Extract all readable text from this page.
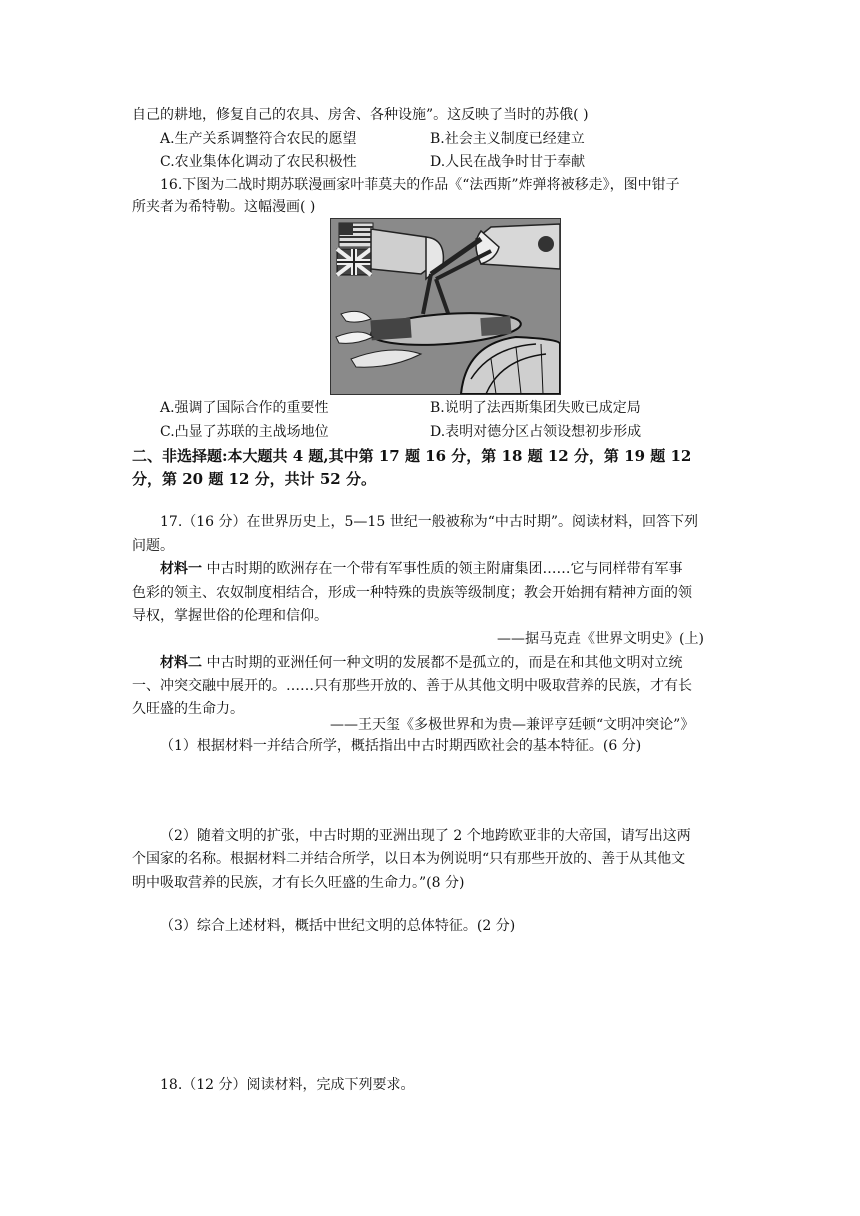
自己的耕地，修复自己的农具、房舍、各种设施”。这反映了当时的苏俄( )
A.生产关系调整符合农民的愿望	B.社会主义制度已经建立
C.农业集体化调动了农民积极性	D.人民在战争时甘于奉献
16.下图为二战时期苏联漫画家叶菲莫夫的作品《“法西斯”炸弹将被移走》，图中钳子
所夹者为希特勒。这幅漫画( )
A.强调了国际合作的重要性	B.说明了法西斯集团失败已成定局
C.凸显了苏联的主战场地位	D.表明对德分区占领设想初步形成
二、非选择题:本大题共 4 题,其中第 17 题 16 分，第 18 题 12 分，第 19 题 12
分，第 20 题 12 分，共计 52 分。
17.（16 分）在世界历史上，5—15 世纪一般被称为“中古时期”。阅读材料，回答下列
问题。
材料一 中古时期的欧洲存在一个带有军事性质的领主附庸集团……它与同样带有军事
色彩的领主、农奴制度相结合，形成一种特殊的贵族等级制度；教会开始拥有精神方面的领
导权，掌握世俗的伦理和信仰。
——据马克垚《世界文明史》(上)
材料二 中古时期的亚洲任何一种文明的发展都不是孤立的，而是在和其他文明对立统
一、冲突交融中展开的。……只有那些开放的、善于从其他文明中吸取营养的民族，才有长
久旺盛的生命力。
——王天玺《多极世界和为贵—兼评亨廷顿“文明冲突论”》
（1）根据材料一并结合所学，概括指出中古时期西欧社会的基本特征。(6 分)
（2）随着文明的扩张，中古时期的亚洲出现了 2 个地跨欧亚非的大帝国，请写出这两
个国家的名称。根据材料二并结合所学，以日本为例说明“只有那些开放的、善于从其他文
明中吸取营养的民族，才有长久旺盛的生命力。”(8 分)
（3）综合上述材料，概括中世纪文明的总体特征。(2 分)
18.（12 分）阅读材料，完成下列要求。
